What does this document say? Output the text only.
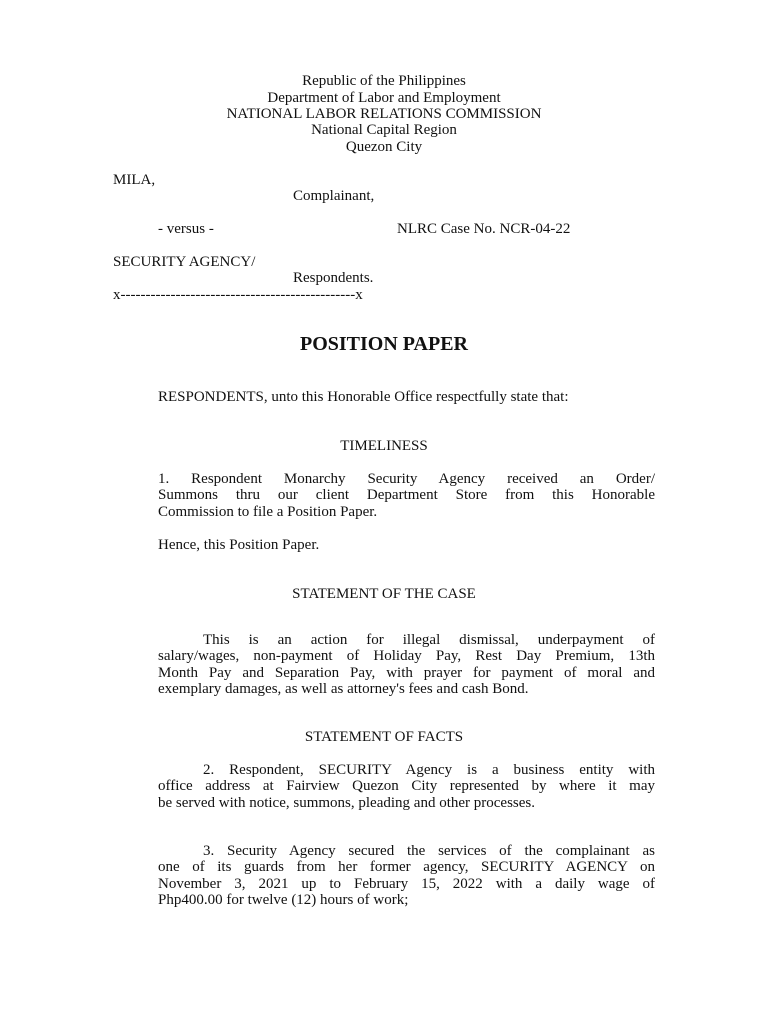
Republic of the Philippines
Department of Labor and Employment
NATIONAL LABOR RELATIONS COMMISSION
National Capital Region
Quezon City
MILA,
Complainant,
- versus -	NLRC Case No. NCR-04-22
SECURITY AGENCY/
Respondents.
x-----------------------------------------------x
POSITION PAPER
RESPONDENTS, unto this Honorable Office respectfully state that:
TIMELINESS
1. Respondent Monarchy Security Agency received an Order/
Summons thru our client Department Store from this Honorable
Commission to file a Position Paper.
Hence, this Position Paper.
STATEMENT OF THE CASE
This is an action for illegal dismissal, underpayment of
salary/wages, non-payment of Holiday Pay, Rest Day Premium, 13th
Month Pay and Separation Pay, with prayer for payment of moral and
exemplary damages, as well as attorney's fees and cash Bond.
STATEMENT OF FACTS
2. Respondent, SECURITY Agency is a business entity with
office address at Fairview Quezon City represented by where it may
be served with notice, summons, pleading and other processes.
3. Security Agency secured the services of the complainant as
one of its guards from her former agency, SECURITY AGENCY on
November 3, 2021 up to February 15, 2022 with a daily wage of
Php400.00 for twelve (12) hours of work;
